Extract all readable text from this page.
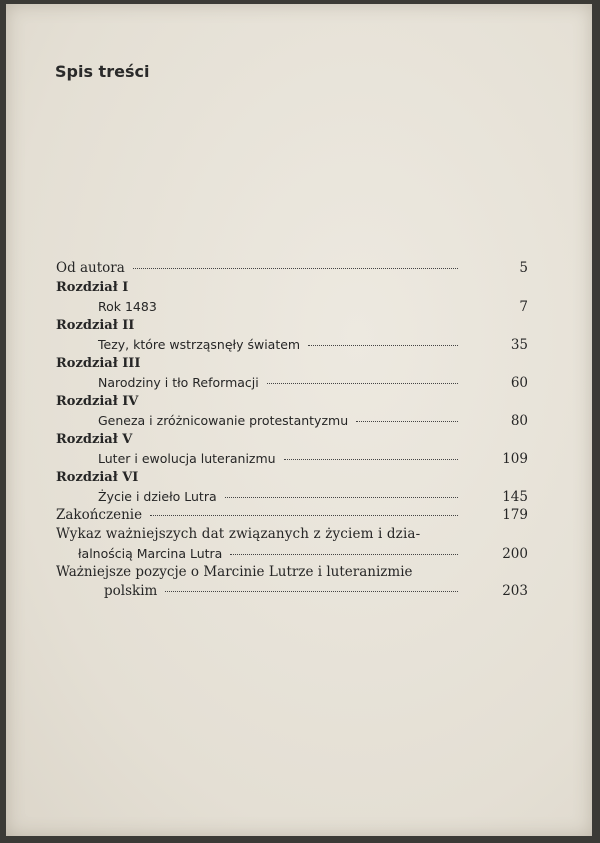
Spis treści
Od autora	5
Rozdział I
Rok 1483	7
Rozdział II
Tezy, które wstrząsnęły światem	35
Rozdział III
Narodziny i tło Reformacji	60
Rozdział IV
Geneza i zróżnicowanie protestantyzmu	80
Rozdział V
Luter i ewolucja luteranizmu	109
Rozdział VI
Życie i dzieło Lutra	145
Zakończenie	179
Wykaz ważniejszych dat związanych z życiem i dzia-
łalnością Marcina Lutra	200
Ważniejsze pozycje o Marcinie Lutrze i luteranizmie
polskim	203
